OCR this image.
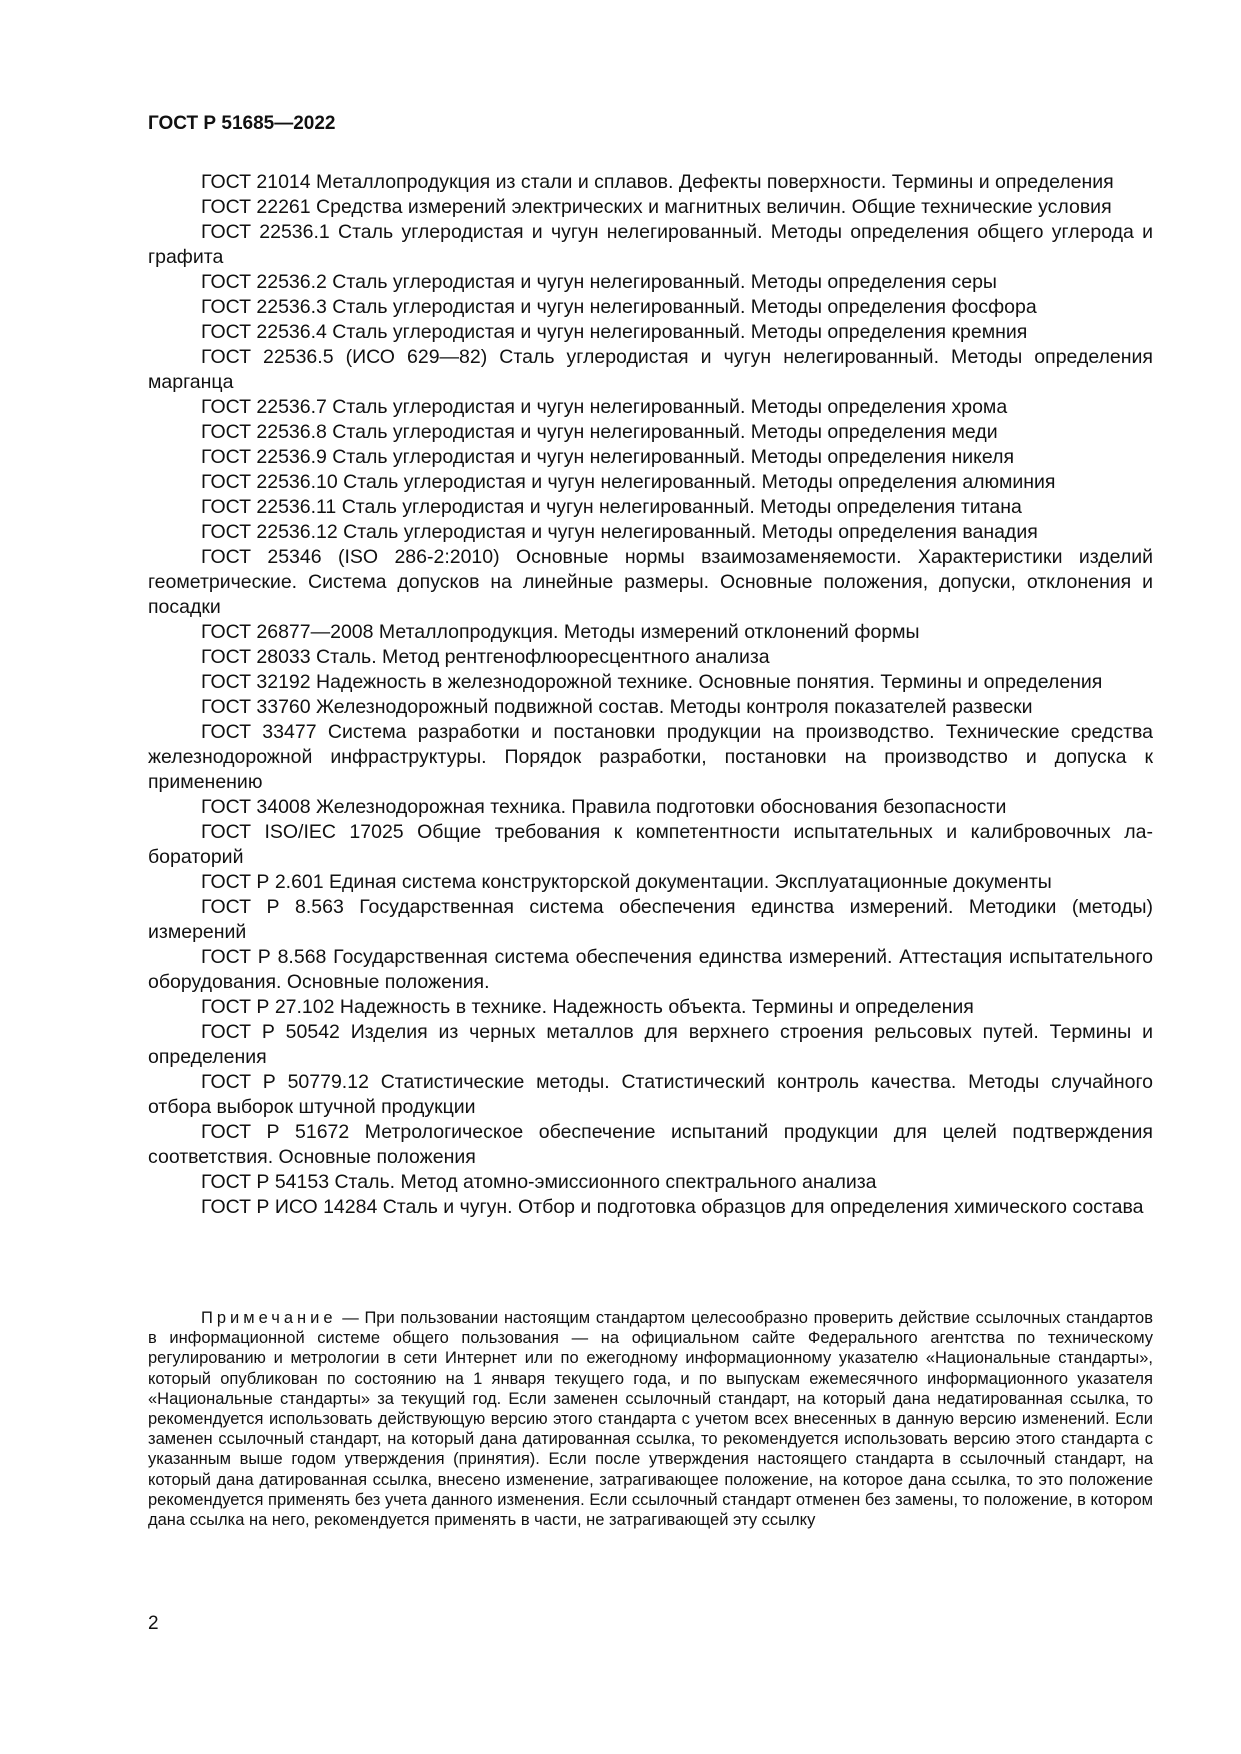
ГОСТ Р 51685—2022

ГОСТ 21014 Металлопродукция из стали и сплавов. Дефекты поверхности. Термины и определения

ГОСТ 22261 Средства измерений электрических и магнитных величин. Общие технические условия

ГОСТ 22536.1 Сталь углеродистая и чугун нелегированный. Методы определения общего углерода и графита

ГОСТ 22536.2 Сталь углеродистая и чугун нелегированный. Методы определения серы

ГОСТ 22536.3 Сталь углеродистая и чугун нелегированный. Методы определения фосфора

ГОСТ 22536.4 Сталь углеродистая и чугун нелегированный. Методы определения кремния

ГОСТ 22536.5 (ИСО 629—82) Сталь углеродистая и чугун нелегированный. Методы определения марганца

ГОСТ 22536.7 Сталь углеродистая и чугун нелегированный. Методы определения хрома

ГОСТ 22536.8 Сталь углеродистая и чугун нелегированный. Методы определения меди

ГОСТ 22536.9 Сталь углеродистая и чугун нелегированный. Методы определения никеля

ГОСТ 22536.10 Сталь углеродистая и чугун нелегированный. Методы определения алюминия

ГОСТ 22536.11 Сталь углеродистая и чугун нелегированный. Методы определения титана

ГОСТ 22536.12 Сталь углеродистая и чугун нелегированный. Методы определения ванадия

ГОСТ 25346 (ISO 286-2:2010) Основные нормы взаимозаменяемости. Характеристики изделий геометрические. Система допусков на линейные размеры. Основные положения, допуски, отклонения и посадки

ГОСТ 26877—2008 Металлопродукция. Методы измерений отклонений формы

ГОСТ 28033 Сталь. Метод рентгенофлюоресцентного анализа

ГОСТ 32192 Надежность в железнодорожной технике. Основные понятия. Термины и определения

ГОСТ 33760 Железнодорожный подвижной состав. Методы контроля показателей развески

ГОСТ 33477 Система разработки и постановки продукции на производство. Технические средства железнодорожной инфраструктуры. Порядок разработки, постановки на производство и допуска к применению

ГОСТ 34008 Железнодорожная техника. Правила подготовки обоснования безопасности

ГОСТ ISO/IEC 17025 Общие требования к компетентности испытательных и калибровочных лабораторий

ГОСТ Р 2.601 Единая система конструкторской документации. Эксплуатационные документы

ГОСТ Р 8.563 Государственная система обеспечения единства измерений. Методики (методы) измерений

ГОСТ Р 8.568 Государственная система обеспечения единства измерений. Аттестация испытательного оборудования. Основные положения.

ГОСТ Р 27.102 Надежность в технике. Надежность объекта. Термины и определения

ГОСТ Р 50542 Изделия из черных металлов для верхнего строения рельсовых путей. Термины и определения

ГОСТ Р 50779.12 Статистические методы. Статистический контроль качества. Методы случайного отбора выборок штучной продукции

ГОСТ Р 51672 Метрологическое обеспечение испытаний продукции для целей подтверждения соответствия. Основные положения

ГОСТ Р 54153 Сталь. Метод атомно-эмиссионного спектрального анализа

ГОСТ Р ИСО 14284 Сталь и чугун. Отбор и подготовка образцов для определения химического состава

Примечание — При пользовании настоящим стандартом целесообразно проверить действие ссылочных стандартов в информационной системе общего пользования — на официальном сайте Федерального агентства по техническому регулированию и метрологии в сети Интернет или по ежегодному информационному указателю «Национальные стандарты», который опубликован по состоянию на 1 января текущего года, и по выпускам ежемесячного информационного указателя «Национальные стандарты» за текущий год. Если заменен ссылочный стандарт, на который дана недатированная ссылка, то рекомендуется использовать действующую версию этого стандарта с учетом всех внесенных в данную версию изменений. Если заменен ссылочный стандарт, на который дана датированная ссылка, то рекомендуется использовать версию этого стандарта с указанным выше годом утверждения (принятия). Если после утверждения настоящего стандарта в ссылочный стандарт, на который дана датированная ссылка, внесено изменение, затрагивающее положение, на которое дана ссылка, то это положение рекомендуется применять без учета данного изменения. Если ссылочный стандарт отменен без замены, то положение, в котором дана ссылка на него, рекомендуется применять в части, не затрагивающей эту ссылку

2
